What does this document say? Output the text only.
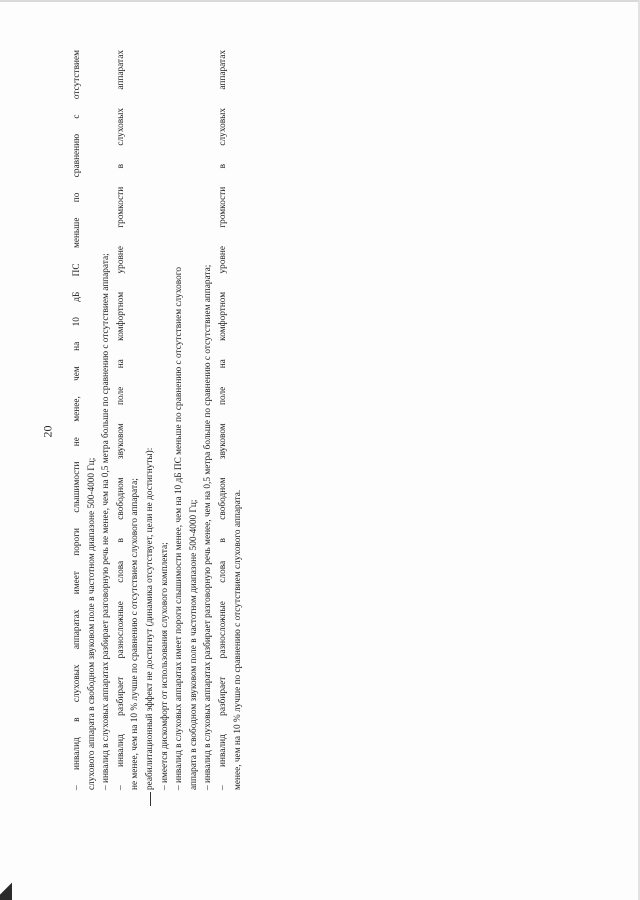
20 – инвалид в слуховых аппаратах имеет пороги слышимости не менее, чем на 10 дБ ПС меньше по сравнению с отсутствием слухового аппарата в свободном звуковом поле в частотном диапазоне 500-4000 Гц; – инвалид в слуховых аппаратах разбирает разговорную речь не менее, чем на 0,5 метра больше по сравнению с отсутствием аппарата; – инвалид разбирает разносложные слова в свободном звуковом поле на комфортном уровне громкости в слуховых аппаратах не менее, чем на 10 % лучше по сравнению с отсутствием слухового аппарата; реабилитационный эффект не достигнут (динамика отсутствует, цели не достигнуты): – имеется дискомфорт от использования слухового комплекта; – инвалид в слуховых аппаратах имеет пороги слышимости менее, чем на 10 дБ ПС меньше по сравнению с отсутствием слухового аппарата в свободном звуковом поле в частотном диапазоне 500-4000 Гц; – инвалид в слуховых аппаратах разбирает разговорную речь менее, чем на 0,5 метра больше по сравнению с отсутствием аппарата; – инвалид разбирает разносложные слова в свободном звуковом поле на комфортном уровне громкости в слуховых аппаратах менее, чем на 10 % лучше по сравнению с отсутствием слухового аппарата.
